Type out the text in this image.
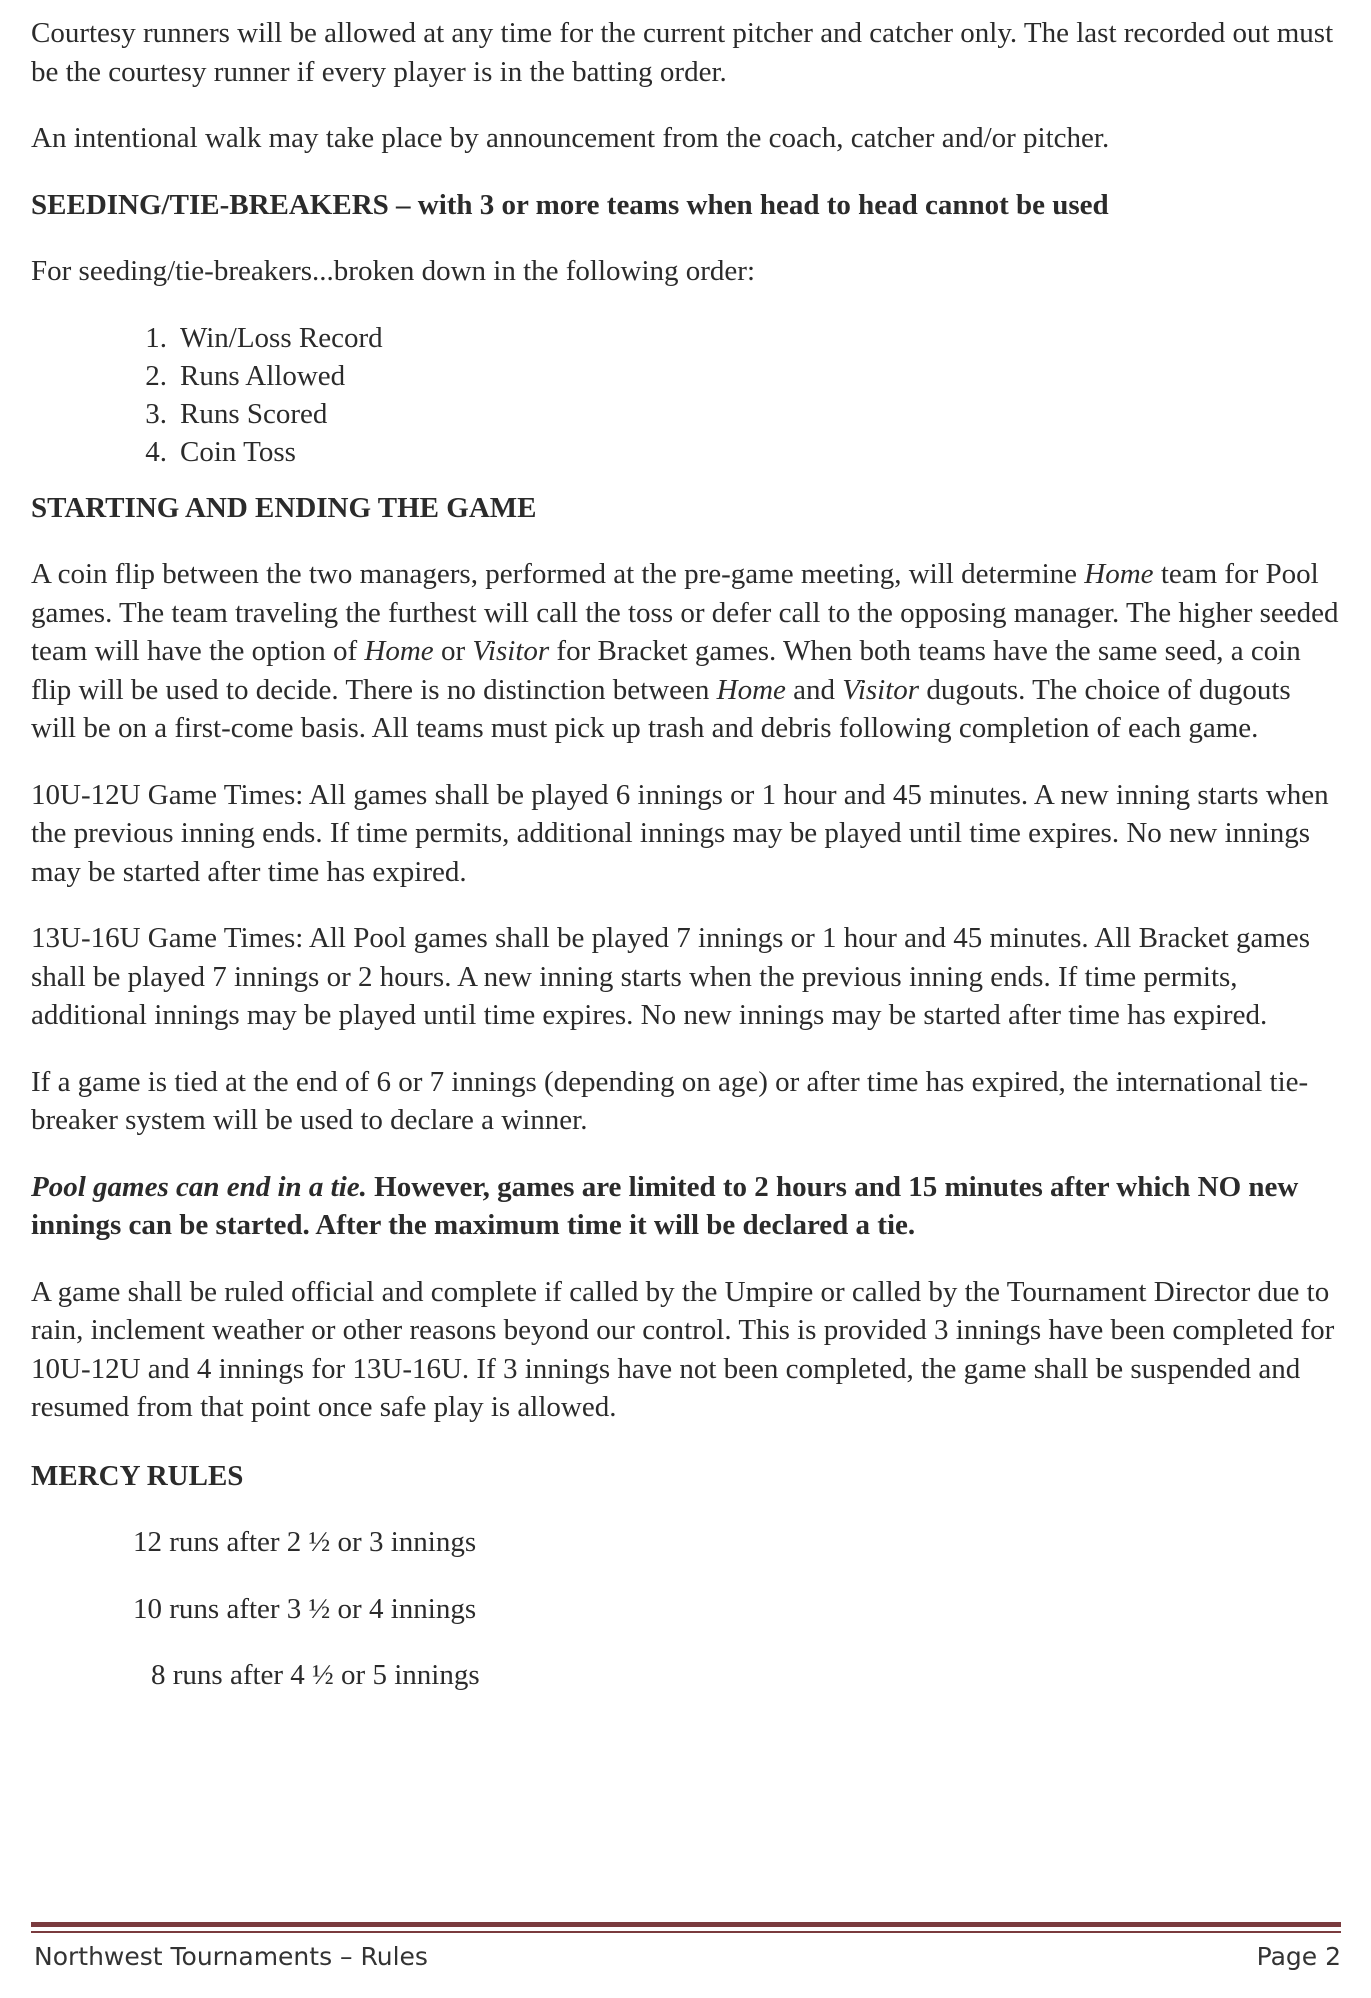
Courtesy runners will be allowed at any time for the current pitcher and catcher only. The last recorded out must be the courtesy runner if every player is in the batting order.

An intentional walk may take place by announcement from the coach, catcher and/or pitcher.

SEEDING/TIE-BREAKERS – with 3 or more teams when head to head cannot be used

For seeding/tie-breakers...broken down in the following order:

1. Win/Loss Record
2. Runs Allowed
3. Runs Scored
4. Coin Toss
STARTING AND ENDING THE GAME

A coin flip between the two managers, performed at the pre-game meeting, will determine Home team for Pool games. The team traveling the furthest will call the toss or defer call to the opposing manager. The higher seeded team will have the option of Home or Visitor for Bracket games. When both teams have the same seed, a coin flip will be used to decide. There is no distinction between Home and Visitor dugouts. The choice of dugouts will be on a first-come basis. All teams must pick up trash and debris following completion of each game.

10U-12U Game Times: All games shall be played 6 innings or 1 hour and 45 minutes. A new inning starts when the previous inning ends. If time permits, additional innings may be played until time expires. No new innings may be started after time has expired.

13U-16U Game Times: All Pool games shall be played 7 innings or 1 hour and 45 minutes. All Bracket games shall be played 7 innings or 2 hours. A new inning starts when the previous inning ends. If time permits, additional innings may be played until time expires. No new innings may be started after time has expired.

If a game is tied at the end of 6 or 7 innings (depending on age) or after time has expired, the international tie-breaker system will be used to declare a winner.

Pool games can end in a tie. However, games are limited to 2 hours and 15 minutes after which NO new innings can be started. After the maximum time it will be declared a tie.

A game shall be ruled official and complete if called by the Umpire or called by the Tournament Director due to rain, inclement weather or other reasons beyond our control. This is provided 3 innings have been completed for 10U-12U and 4 innings for 13U-16U. If 3 innings have not been completed, the game shall be suspended and resumed from that point once safe play is allowed.

MERCY RULES

12 runs after 2 ½ or 3 innings

10 runs after 3 ½ or 4 innings

8 runs after 4 ½ or 5 innings

Northwest Tournaments – Rules	Page 2
